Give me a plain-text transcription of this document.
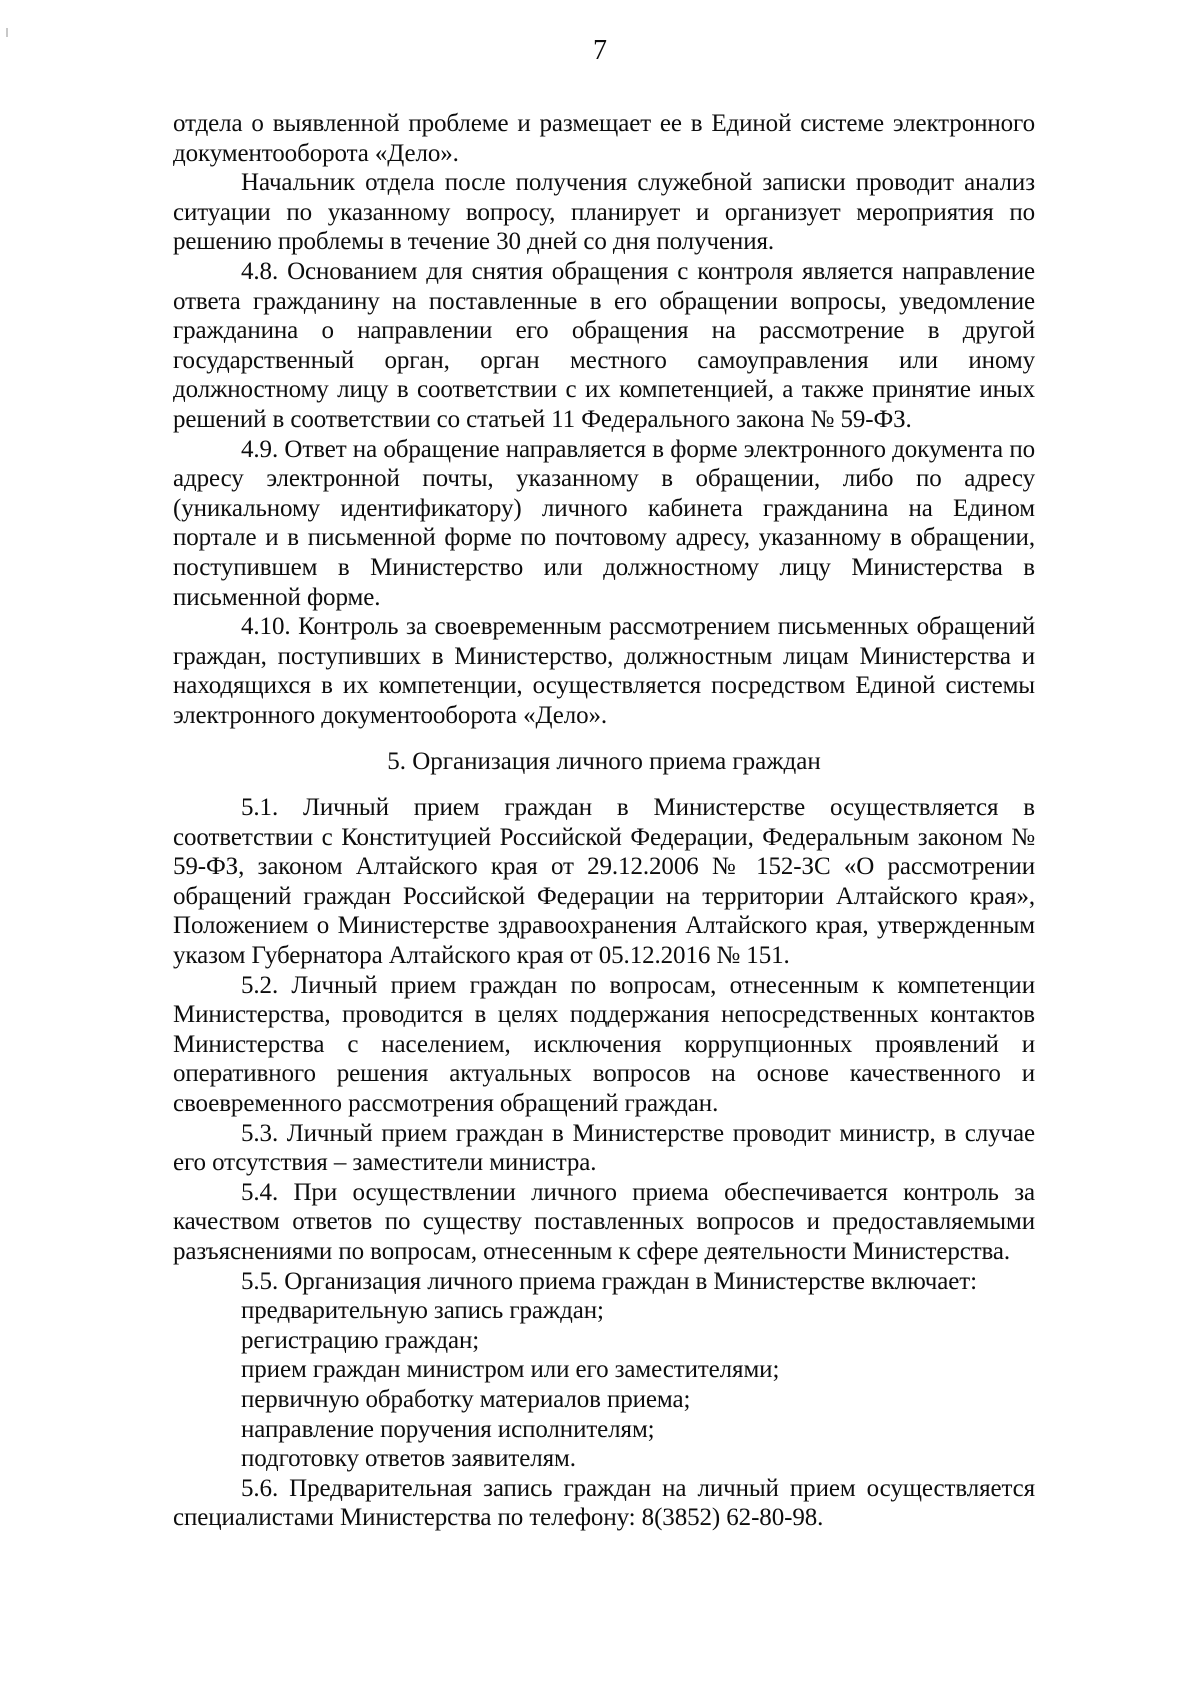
7

отдела о выявленной проблеме и размещает ее в Единой системе электронного документооборота «Дело».

Начальник отдела после получения служебной записки проводит анализ ситуации по указанному вопросу, планирует и организует мероприятия по решению проблемы в течение 30 дней со дня получения.

4.8. Основанием для снятия обращения с контроля является направление ответа гражданину на поставленные в его обращении вопросы, уведомление гражданина о направлении его обращения на рассмотрение в другой государственный орган, орган местного самоуправления или иному должностному лицу в соответствии с их компетенцией, а также принятие иных решений в соответствии со статьей 11 Федерального закона № 59-ФЗ.

4.9. Ответ на обращение направляется в форме электронного документа по адресу электронной почты, указанному в обращении, либо по адресу (уникальному идентификатору) личного кабинета гражданина на Едином портале и в письменной форме по почтовому адресу, указанному в обращении, поступившем в Министерство или должностному лицу Министерства в письменной форме.

4.10. Контроль за своевременным рассмотрением письменных обращений граждан, поступивших в Министерство, должностным лицам Министерства и находящихся в их компетенции, осуществляется посредством Единой системы электронного документооборота «Дело».

5. Организация личного приема граждан

5.1. Личный прием граждан в Министерстве осуществляется в соответствии с Конституцией Российской Федерации, Федеральным законом № 59-ФЗ, законом Алтайского края от 29.12.2006 № 152-ЗС «О рассмотрении обращений граждан Российской Федерации на территории Алтайского края», Положением о Министерстве здравоохранения Алтайского края, утвержденным указом Губернатора Алтайского края от 05.12.2016 № 151.

5.2. Личный прием граждан по вопросам, отнесенным к компетенции Министерства, проводится в целях поддержания непосредственных контактов Министерства с населением, исключения коррупционных проявлений и оперативного решения актуальных вопросов на основе качественного и своевременного рассмотрения обращений граждан.

5.3. Личный прием граждан в Министерстве проводит министр, в случае его отсутствия – заместители министра.

5.4. При осуществлении личного приема обеспечивается контроль за качеством ответов по существу поставленных вопросов и предоставляемыми разъяснениями по вопросам, отнесенным к сфере деятельности Министерства.

5.5. Организация личного приема граждан в Министерстве включает:

предварительную запись граждан;

регистрацию граждан;

прием граждан министром или его заместителями;

первичную обработку материалов приема;

направление поручения исполнителям;

подготовку ответов заявителям.

5.6. Предварительная запись граждан на личный прием осуществляется специалистами Министерства по телефону: 8(3852) 62-80-98.
